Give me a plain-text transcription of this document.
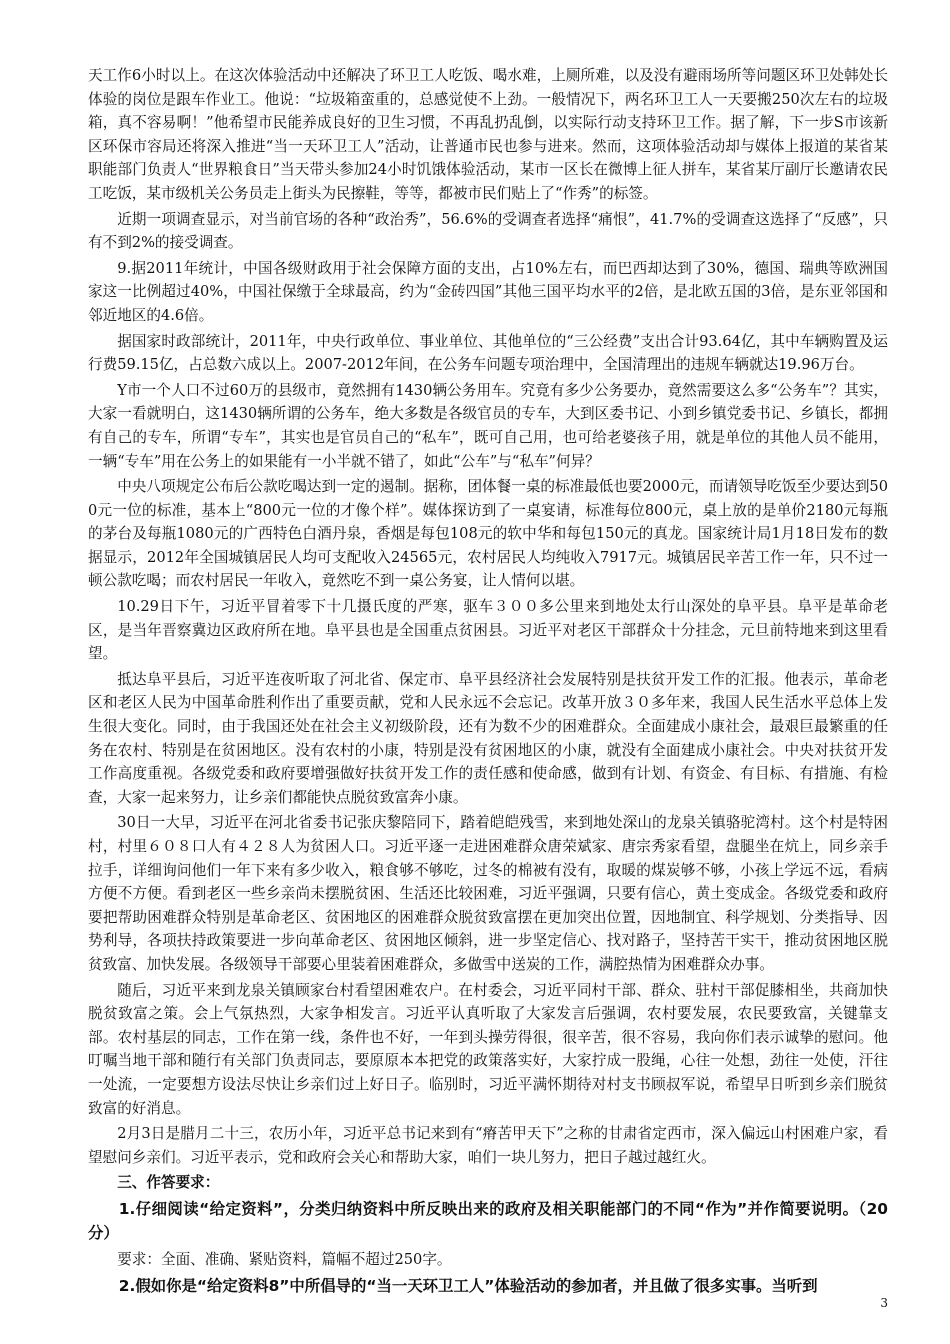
天工作6小时以上。在这次体验活动中还解决了环卫工人吃饭、喝水难，上厕所难，以及没有避雨场所等问题区环卫处韩处长体验的岗位是跟车作业工。他说：“垃圾箱蛮重的，总感觉使不上劲。一般情况下，两名环卫工人一天要搬250次左右的垃圾箱，真不容易啊！”他希望市民能养成良好的卫生习惯，不再乱扔乱倒，以实际行动支持环卫工作。据了解，下一步S市该新区环保市容局还将深入推进“当一天环卫工人”活动，让普通市民也参与进来。然而，这项体验活动却与媒体上报道的某省某职能部门负责人“世界粮食日”当天带头参加24小时饥饿体验活动，某市一区长在微博上征人拼车，某省某厅副厅长邀请农民工吃饭，某市级机关公务员走上街头为民擦鞋，等等，都被市民们贴上了“作秀”的标签。

近期一项调查显示，对当前官场的各种“政治秀”，56.6%的受调查者选择“痛恨”，41.7%的受调查这选择了“反感”，只有不到2%的接受调查。

9.据2011年统计，中国各级财政用于社会保障方面的支出，占10%左右，而巴西却达到了30%，德国、瑞典等欧洲国家这一比例超过40%，中国社保缴于全球最高，约为“金砖四国”其他三国平均水平的2倍，是北欧五国的3倍，是东亚邻国和邻近地区的4.6倍。

据国家时政部统计，2011年，中央行政单位、事业单位、其他单位的“三公经费”支出合计93.64亿，其中车辆购置及运行费59.15亿，占总数六成以上。2007-2012年间，在公务车问题专项治理中，全国清理出的违规车辆就达19.96万台。

Y市一个人口不过60万的县级市，竟然拥有1430辆公务用车。究竟有多少公务要办，竟然需要这么多“公务车”？其实，大家一看就明白，这1430辆所谓的公务车，绝大多数是各级官员的专车，大到区委书记、小到乡镇党委书记、乡镇长，都拥有自己的专车，所谓“专车”，其实也是官员自己的“私车”，既可自己用，也可给老婆孩子用，就是单位的其他人员不能用，一辆“专车”用在公务上的如果能有一小半就不错了，如此“公车”与“私车”何异？

中央八项规定公布后公款吃喝达到一定的遏制。据称，团体餐一桌的标准最低也要2000元，而请领导吃饭至少要达到500元一位的标准，基本上“800元一位的才像个样”。媒体探访到了一桌宴请，标准每位800元，桌上放的是单价2180元每瓶的茅台及每瓶1080元的广西特色白酒丹泉，香烟是每包108元的软中华和每包150元的真龙。国家统计局1月18日发布的数据显示，2012年全国城镇居民人均可支配收入24565元，农村居民人均纯收入7917元。城镇居民辛苦工作一年，只不过一顿公款吃喝；而农村居民一年收入，竟然吃不到一桌公务宴，让人情何以堪。

10.29日下午，习近平冒着零下十几摄氏度的严寒，驱车３００多公里来到地处太行山深处的阜平县。阜平是革命老区，是当年晋察冀边区政府所在地。阜平县也是全国重点贫困县。习近平对老区干部群众十分挂念，元旦前特地来到这里看望。

抵达阜平县后，习近平连夜听取了河北省、保定市、阜平县经济社会发展特别是扶贫开发工作的汇报。他表示，革命老区和老区人民为中国革命胜利作出了重要贡献，党和人民永远不会忘记。改革开放３０多年来，我国人民生活水平总体上发生很大变化。同时，由于我国还处在社会主义初级阶段，还有为数不少的困难群众。全面建成小康社会，最艰巨最繁重的任务在农村、特别是在贫困地区。没有农村的小康，特别是没有贫困地区的小康，就没有全面建成小康社会。中央对扶贫开发工作高度重视。各级党委和政府要增强做好扶贫开发工作的责任感和使命感，做到有计划、有资金、有目标、有措施、有检查，大家一起来努力，让乡亲们都能快点脱贫致富奔小康。

30日一大早，习近平在河北省委书记张庆黎陪同下，踏着皑皑残雪，来到地处深山的龙泉关镇骆驼湾村。这个村是特困村，村里６０８口人有４２８人为贫困人口。习近平逐一走进困难群众唐荣斌家、唐宗秀家看望，盘腿坐在炕上，同乡亲手拉手，详细询问他们一年下来有多少收入，粮食够不够吃，过冬的棉被有没有，取暖的煤炭够不够，小孩上学远不远，看病方便不方便。看到老区一些乡亲尚未摆脱贫困、生活还比较困难，习近平强调，只要有信心，黄土变成金。各级党委和政府要把帮助困难群众特别是革命老区、贫困地区的困难群众脱贫致富摆在更加突出位置，因地制宜、科学规划、分类指导、因势利导，各项扶持政策要进一步向革命老区、贫困地区倾斜，进一步坚定信心、找对路子，坚持苦干实干，推动贫困地区脱贫致富、加快发展。各级领导干部要心里装着困难群众，多做雪中送炭的工作，满腔热情为困难群众办事。

随后，习近平来到龙泉关镇顾家台村看望困难农户。在村委会，习近平同村干部、群众、驻村干部促膝相坐，共商加快脱贫致富之策。会上气氛热烈，大家争相发言。习近平认真听取了大家发言后强调，农村要发展，农民要致富，关键靠支部。农村基层的同志，工作在第一线，条件也不好，一年到头操劳得很，很辛苦，很不容易，我向你们表示诚挚的慰问。他叮嘱当地干部和随行有关部门负责同志，要原原本本把党的政策落实好，大家拧成一股绳，心往一处想，劲往一处使，汗往一处流，一定要想方设法尽快让乡亲们过上好日子。临别时，习近平满怀期待对村支书顾叔军说，希望早日听到乡亲们脱贫致富的好消息。

2月3日是腊月二十三，农历小年，习近平总书记来到有“瘠苦甲天下”之称的甘肃省定西市，深入偏远山村困难户家，看望慰问乡亲们。习近平表示，党和政府会关心和帮助大家，咱们一块儿努力，把日子越过越红火。

三、作答要求：

1.仔细阅读“给定资料”，分类归纳资料中所反映出来的政府及相关职能部门的不同“作为”并作简要说明。（20分）

要求：全面、准确、紧贴资料，篇幅不超过250字。

2.假如你是“给定资料8”中所倡导的“当一天环卫工人”体验活动的参加者，并且做了很多实事。当听到

3
